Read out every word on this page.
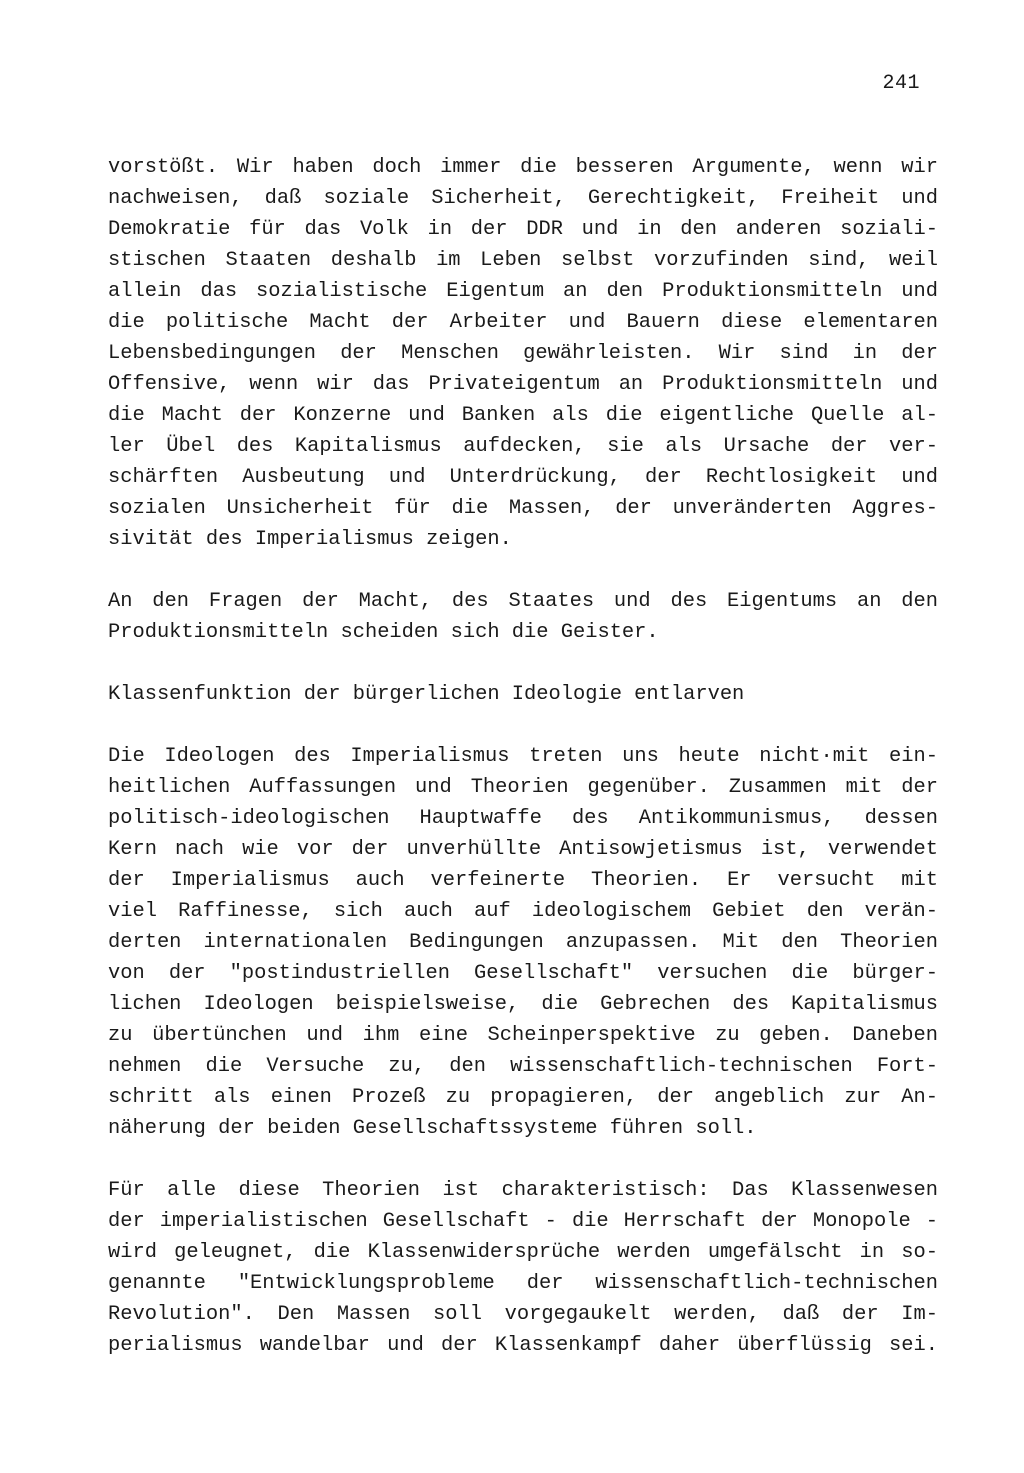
241
vorstößt. Wir haben doch immer die besseren Argumente, wenn wir
nachweisen, daß soziale Sicherheit, Gerechtigkeit, Freiheit und
Demokratie für das Volk in der DDR und in den anderen soziali-
stischen Staaten deshalb im Leben selbst vorzufinden sind, weil
allein das sozialistische Eigentum an den Produktionsmitteln und
die politische Macht der Arbeiter und Bauern diese elementaren
Lebensbedingungen der Menschen gewährleisten. Wir sind in der
Offensive, wenn wir das Privateigentum an Produktionsmitteln und
die Macht der Konzerne und Banken als die eigentliche Quelle al-
ler Übel des Kapitalismus aufdecken, sie als Ursache der ver-
schärften Ausbeutung und Unterdrückung, der Rechtlosigkeit und
sozialen Unsicherheit für die Massen, der unveränderten Aggres-
sivität des Imperialismus zeigen.
An den Fragen der Macht, des Staates und des Eigentums an den
Produktionsmitteln scheiden sich die Geister.
Klassenfunktion der bürgerlichen Ideologie entlarven
Die Ideologen des Imperialismus treten uns heute nicht·mit ein-
heitlichen Auffassungen und Theorien gegenüber. Zusammen mit der
politisch-ideologischen Hauptwaffe des Antikommunismus, dessen
Kern nach wie vor der unverhüllte Antisowjetismus ist, verwendet
der Imperialismus auch verfeinerte Theorien. Er versucht mit
viel Raffinesse, sich auch auf ideologischem Gebiet den verän-
derten internationalen Bedingungen anzupassen. Mit den Theorien
von der "postindustriellen Gesellschaft" versuchen die bürger-
lichen Ideologen beispielsweise, die Gebrechen des Kapitalismus
zu übertünchen und ihm eine Scheinperspektive zu geben. Daneben
nehmen die Versuche zu, den wissenschaftlich-technischen Fort-
schritt als einen Prozeß zu propagieren, der angeblich zur An-
näherung der beiden Gesellschaftssysteme führen soll.
Für alle diese Theorien ist charakteristisch: Das Klassenwesen
der imperialistischen Gesellschaft - die Herrschaft der Monopole -
wird geleugnet, die Klassenwidersprüche werden umgefälscht in so-
genannte "Entwicklungsprobleme der wissenschaftlich-technischen
Revolution". Den Massen soll vorgegaukelt werden, daß der Im-
perialismus wandelbar und der Klassenkampf daher überflüssig sei.
